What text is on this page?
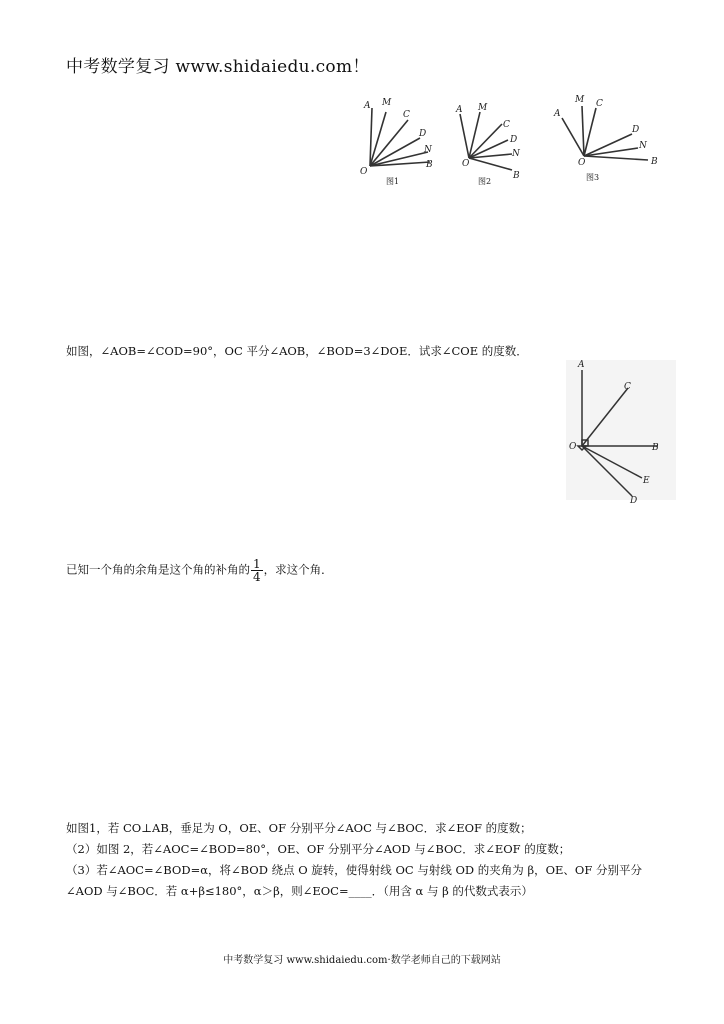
中考数学复习 www.shidaiedu.com！
A M
C
D
N
B
O
图1
A M
C
D
N
B
O
图2
A
M C
D
N
B
O
图3
如图，∠AOB=∠COD=90°，OC 平分∠AOB，∠BOD=3∠DOE．试求∠COE 的度数．
A
C
O	B
E
D
已知一个角的余角是这个角的补角的 $\frac{1}{4}$ ，求这个角．
如图1，若 CO⊥AB，垂足为 O，OE、OF 分别平分∠AOC 与∠BOC．求∠EOF 的度数；
（2）如图 2，若∠AOC=∠BOD=80°，OE、OF 分别平分∠AOD 与∠BOC．求∠EOF 的度数；
（3）若∠AOC=∠BOD=α，将∠BOD 绕点 O 旋转，使得射线 OC 与射线 OD 的夹角为 β，OE、OF 分别平分
∠AOD 与∠BOC．若 α+β≤180°，α＞β，则∠EOC=____．（用含 α 与 β 的代数式表示）
中考数学复习 www.shidaiedu.com·数学老师自己的下载网站
